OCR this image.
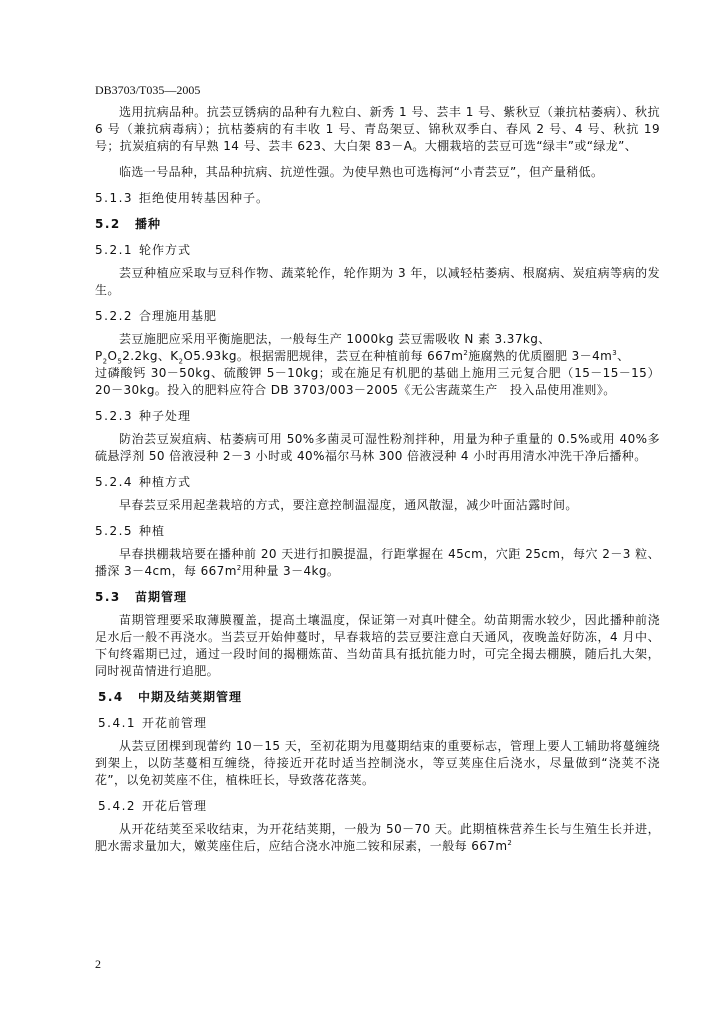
DB3703/T035—2005

选用抗病品种。抗芸豆锈病的品种有九粒白、新秀 1 号、芸丰 1 号、紫秋豆（兼抗枯萎病）、秋抗 6 号（兼抗病毒病）；抗枯萎病的有丰收 1 号、青岛架豆、锦秋双季白、春风 2 号、4 号、秋抗 19 号；抗炭疽病的有早熟 14 号、芸丰 623、大白架 83－A。大棚栽培的芸豆可选“绿丰”或“绿龙”、

临选一号品种，其品种抗病、抗逆性强。为使早熟也可选梅河“小青芸豆”，但产量稍低。

5.1.3 拒绝使用转基因种子。
5.2 播种
5.2.1 轮作方式

芸豆种植应采取与豆科作物、蔬菜轮作，轮作期为 3 年，以减轻枯萎病、根腐病、炭疽病等病的发生。

5.2.2 合理施用基肥

芸豆施肥应采用平衡施肥法，一般每生产 1000kg 芸豆需吸收 N 素 3.37kg、

$P_2O_52.2kg$、$K_2O5.93kg$。根据需肥规律，芸豆在种植前每 $667m^2$施腐熟的优质圈肥 $3-4m^3$、

过磷酸钙 30－50kg、硫酸钾 5－10kg；或在施足有机肥的基础上施用三元复合肥（15－15－15）20－30kg。投入的肥料应符合 DB 3703/003－2005《无公害蔬菜生产　投入品使用准则》。

5.2.3 种子处理

防治芸豆炭疽病、枯萎病可用 50%多菌灵可湿性粉剂拌种，用量为种子重量的 0.5%或用 40%多硫悬浮剂 50 倍液浸种 2－3 小时或 40%福尔马林 300 倍液浸种 4 小时再用清水冲洗干净后播种。

5.2.4 种植方式

早春芸豆采用起垄栽培的方式，要注意控制温湿度，通风散湿，减少叶面沾露时间。

5.2.5 种植

早春拱棚栽培要在播种前 20 天进行扣膜提温，行距掌握在 45cm，穴距 25cm，每穴 2－3 粒、播深 3－4cm，每 $667m^2$用种量 3－4kg。

5.3 苗期管理

苗期管理要采取薄膜覆盖，提高土壤温度，保证第一对真叶健全。幼苗期需水较少，因此播种前浇足水后一般不再浇水。当芸豆开始伸蔓时，早春栽培的芸豆要注意白天通风，夜晚盖好防冻，4 月中、下旬终霜期已过，通过一段时间的揭棚炼苗、当幼苗具有抵抗能力时，可完全揭去棚膜，随后扎大架，同时视苗情进行追肥。

5.4 中期及结荚期管理
5.4.1 开花前管理

从芸豆团棵到现蕾约 10－15 天，至初花期为甩蔓期结束的重要标志，管理上要人工辅助将蔓缠绕到架上，以防茎蔓相互缠绕，待接近开花时适当控制浇水，等豆荚座住后浇水，尽量做到“浇荚不浇花”，以免初荚座不住，植株旺长，导致落花落荚。

5.4.2 开花后管理

从开花结荚至采收结束，为开花结荚期，一般为 50－70 天。此期植株营养生长与生殖生长并进，肥水需求量加大，嫩荚座住后，应结合浇水冲施二铵和尿素，一般每 $667m^2$

2
